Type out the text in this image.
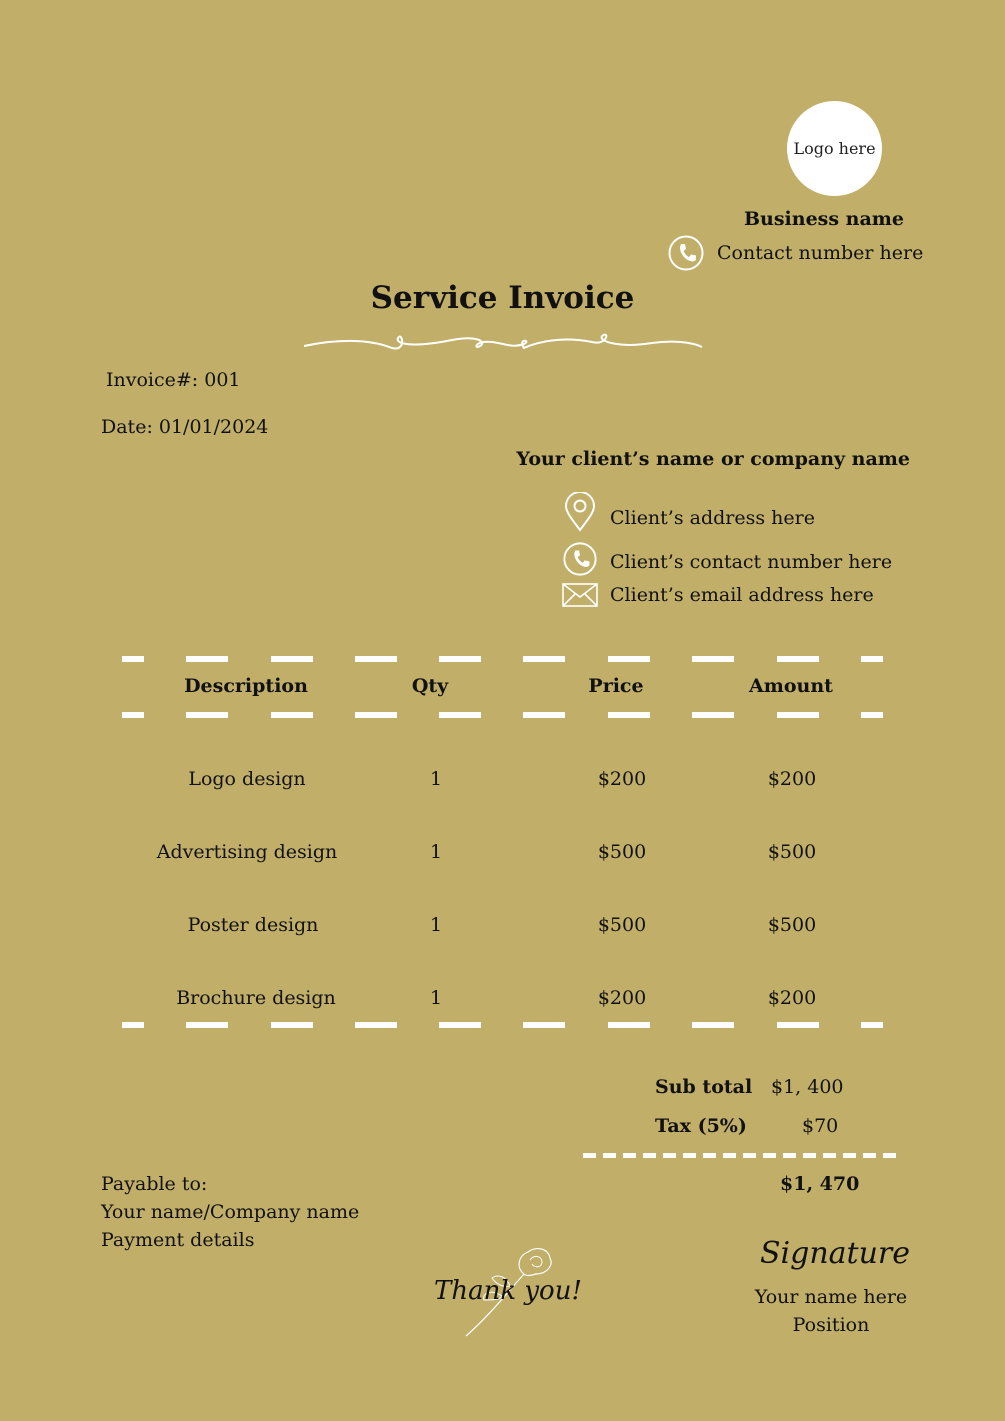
Logo here
Business name
Contact number here
Service Invoice
Invoice#: 001
Date: 01/01/2024
Your client’s name or company name
Client’s address here
Client’s contact number here
Client’s email address here
Description	Qty	Price	Amount
Logo design	1	$200	$200
Advertising design	1	$500	$500
Poster design	1	$500	$500
Brochure design	1	$200	$200
Sub total $1, 400
Tax (5%)	$70
$1, 470
Payable to:
Your name/Company name
Payment details
Thank you!
Signature
Your name here
Position
